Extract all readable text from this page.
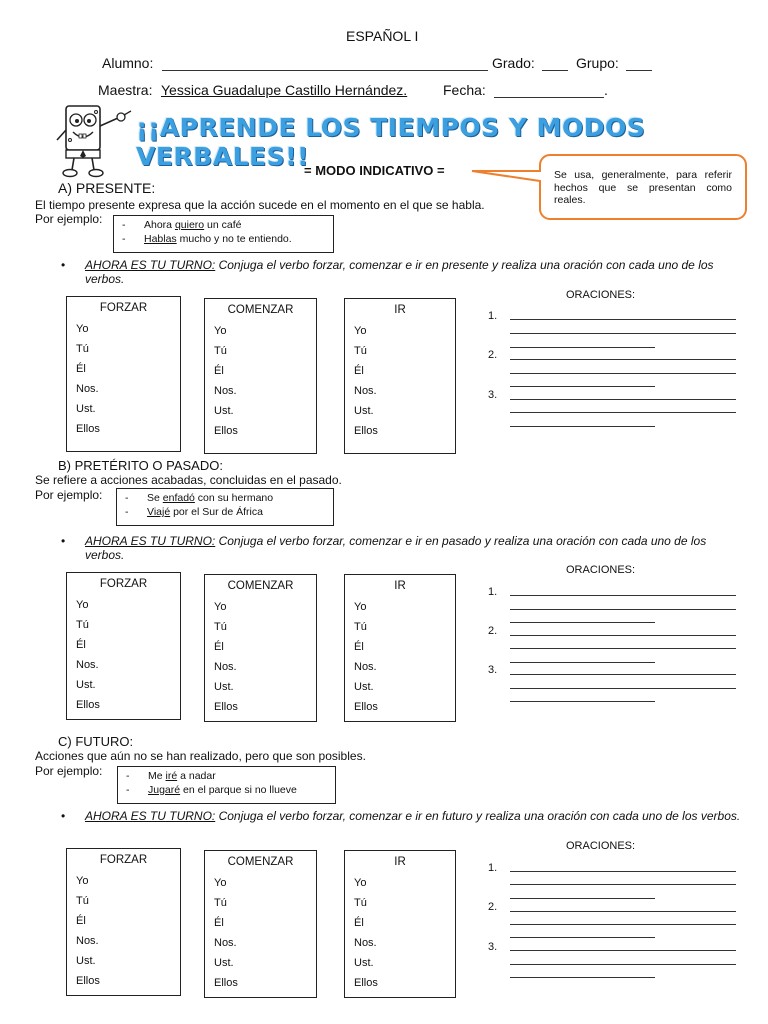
ESPAÑOL I
Alumno:	Grado:	Grupo:
Maestra: Yessica Guadalupe Castillo Hernández.	Fecha:	.
¡¡APRENDE LOS TIEMPOS Y MODOS VERBALES!!
= MODO INDICATIVO =	Se usa, generalmente, para referir hechos que se presentan como reales.
A) PRESENTE:
El tiempo presente expresa que la acción sucede en el momento en el que se habla.
Por ejemplo: - Ahora quiero un café
- Hablas mucho y no te entiendo.
• AHORA ES TU TURNO: Conjuga el verbo forzar, comenzar e ir en presente y realiza una oración con cada uno de los verbos.
ORACIONES:
FORZAR
Yo
Tú
Él
Nos.
Ust.
Ellos
COMENZAR
Yo
Tú
Él
Nos.
Ust.
Ellos
IR
Yo
Tú
Él
Nos.
Ust.
Ellos
1.
2.
3.
B) PRETÉRITO O PASADO:
Se refiere a acciones acabadas, concluidas en el pasado.
Por ejemplo: - Se enfadó con su hermano
- Viajé por el Sur de África
• AHORA ES TU TURNO: Conjuga el verbo forzar, comenzar e ir en pasado y realiza una oración con cada uno de los verbos.
ORACIONES:
FORZAR
Yo
Tú
Él
Nos.
Ust.
Ellos
COMENZAR
Yo
Tú
Él
Nos.
Ust.
Ellos
IR
Yo
Tú
Él
Nos.
Ust.
Ellos
1.
2.
3.
C) FUTURO:
Acciones que aún no se han realizado, pero que son posibles.
Por ejemplo: - Me iré a nadar
- Jugaré en el parque si no llueve
• AHORA ES TU TURNO: Conjuga el verbo forzar, comenzar e ir en futuro y realiza una oración con cada uno de los verbos.
ORACIONES:
FORZAR
Yo
Tú
Él
Nos.
Ust.
Ellos
COMENZAR
Yo
Tú
Él
Nos.
Ust.
Ellos
IR
Yo
Tú
Él
Nos.
Ust.
Ellos
1.
2.
3.
